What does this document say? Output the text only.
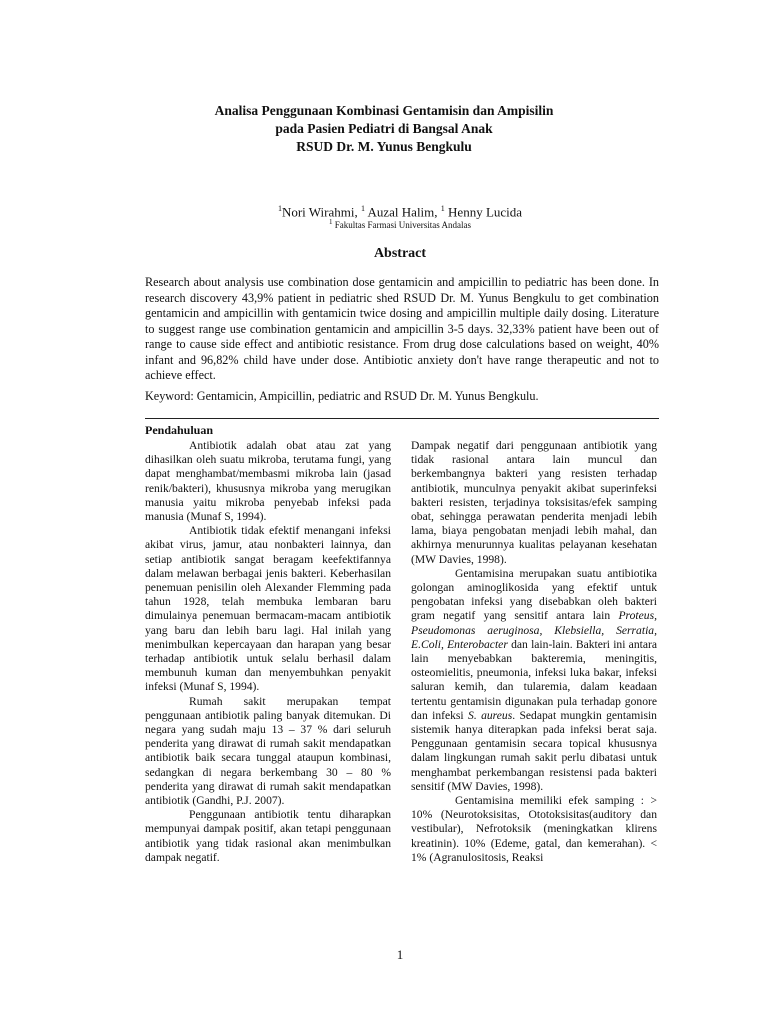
Analisa Penggunaan Kombinasi Gentamisin dan Ampisilin
pada Pasien Pediatri di Bangsal Anak
RSUD Dr. M. Yunus Bengkulu
$^1$Nori Wirahmi, $^1$ Auzal Halim, $^1$ Henny Lucida
$^1$ Fakultas Farmasi Universitas Andalas
Abstract
Research about analysis use combination dose gentamicin and ampicillin to pediatric has been done. In research discovery 43,9% patient in pediatric shed RSUD Dr. M. Yunus Bengkulu to get combination gentamicin and ampicillin with gentamicin twice dosing and ampicillin multiple daily dosing. Literature to suggest range use combination gentamicin and ampicillin 3-5 days. 32,33% patient have been out of range to cause side effect and antibiotic resistance. From drug dose calculations based on weight, 40% infant and 96,82% child have under dose. Antibiotic anxiety don't have range therapeutic and not to achieve effect.
Keyword: Gentamicin, Ampicillin, pediatric and RSUD Dr. M. Yunus Bengkulu.
Pendahuluan

Antibiotik adalah obat atau zat yang dihasilkan oleh suatu mikroba, terutama fungi, yang dapat menghambat/membasmi mikroba lain (jasad renik/bakteri), khususnya mikroba yang merugikan manusia yaitu mikroba penyebab infeksi pada manusia (Munaf S, 1994).

Antibiotik tidak efektif menangani infeksi akibat virus, jamur, atau nonbakteri lainnya, dan setiap antibiotik sangat beragam keefektifannya dalam melawan berbagai jenis bakteri. Keberhasilan penemuan penisilin oleh Alexander Flemming pada tahun 1928, telah membuka lembaran baru dimulainya penemuan bermacam-macam antibiotik yang baru dan lebih baru lagi. Hal inilah yang menimbulkan kepercayaan dan harapan yang besar terhadap antibiotik untuk selalu berhasil dalam membunuh kuman dan menyembuhkan penyakit infeksi (Munaf S, 1994).

Rumah sakit merupakan tempat penggunaan antibiotik paling banyak ditemukan. Di negara yang sudah maju 13 – 37 % dari seluruh penderita yang dirawat di rumah sakit mendapatkan antibiotik baik secara tunggal ataupun kombinasi, sedangkan di negara berkembang 30 – 80 % penderita yang dirawat di rumah sakit mendapatkan antibiotik (Gandhi, P.J. 2007).

Penggunaan antibiotik tentu diharapkan mempunyai dampak positif, akan tetapi penggunaan antibiotik yang tidak rasional akan menimbulkan dampak negatif.

Dampak negatif dari penggunaan antibiotik yang tidak rasional antara lain muncul dan berkembangnya bakteri yang resisten terhadap antibiotik, munculnya penyakit akibat superinfeksi bakteri resisten, terjadinya toksisitas/efek samping obat, sehingga perawatan penderita menjadi lebih lama, biaya pengobatan menjadi lebih mahal, dan akhirnya menurunnya kualitas pelayanan kesehatan (MW Davies, 1998).

Gentamisina merupakan suatu antibiotika golongan aminoglikosida yang efektif untuk pengobatan infeksi yang disebabkan oleh bakteri gram negatif yang sensitif antara lain Proteus, Pseudomonas aeruginosa, Klebsiella, Serratia, E.Coli, Enterobacter dan lain-lain. Bakteri ini antara lain menyebabkan bakteremia, meningitis, osteomielitis, pneumonia, infeksi luka bakar, infeksi saluran kemih, dan tularemia, dalam keadaan tertentu gentamisin digunakan pula terhadap gonore dan infeksi S. aureus. Sedapat mungkin gentamisin sistemik hanya diterapkan pada infeksi berat saja. Penggunaan gentamisin secara topical khususnya dalam lingkungan rumah sakit perlu dibatasi untuk menghambat perkembangan resistensi pada bakteri sensitif (MW Davies, 1998).

Gentamisina memiliki efek samping : > 10% (Neurotoksisitas, Ototoksisitas(auditory dan vestibular), Nefrotoksik (meningkatkan klirens kreatinin). 10% (Edeme, gatal, dan kemerahan). < 1% (Agranulositosis, Reaksi

1
